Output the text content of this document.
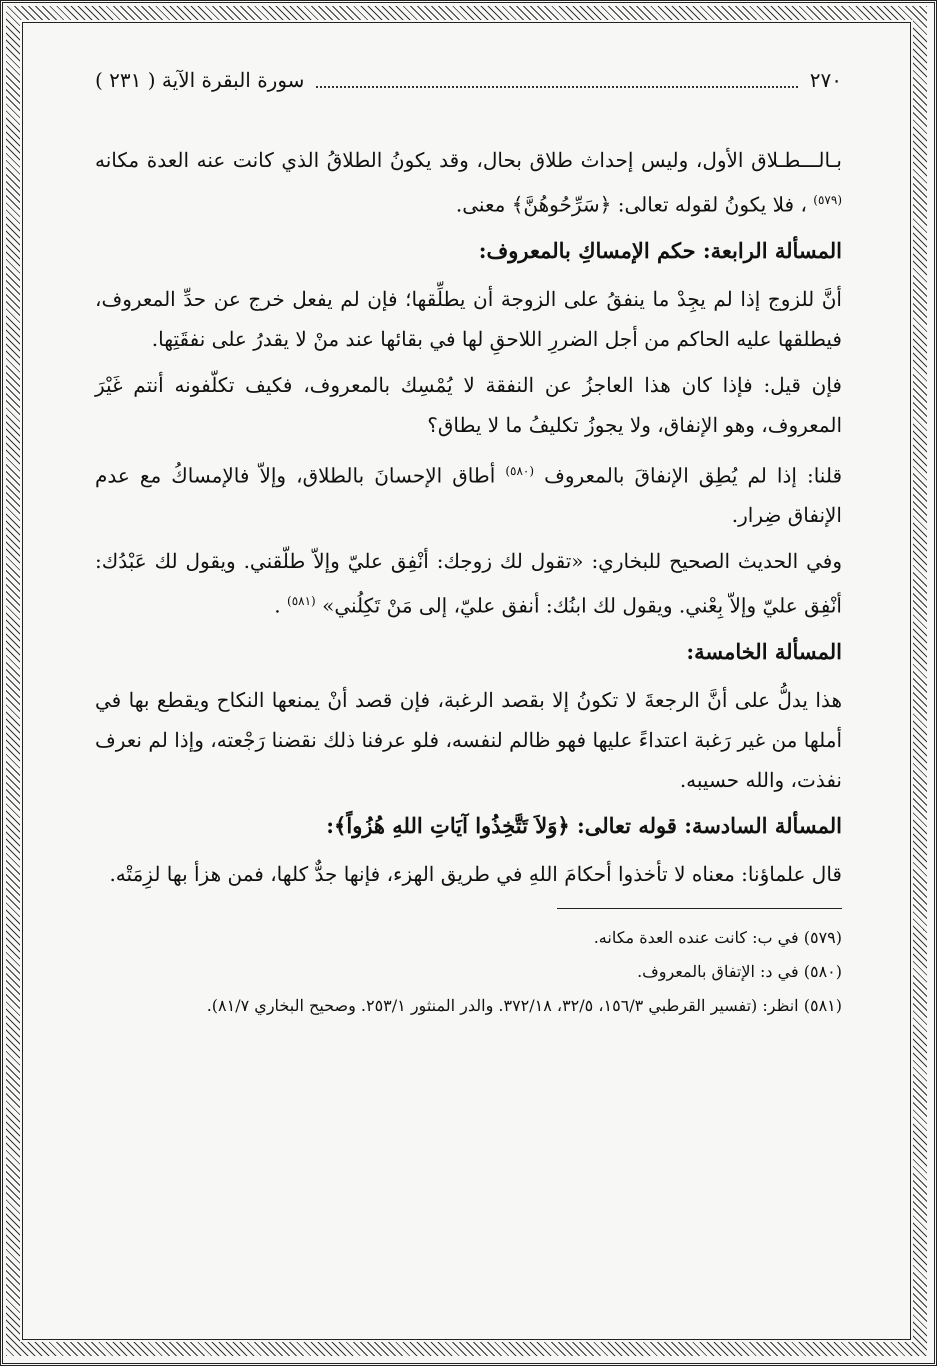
٢٧٠
سورة البقرة الآية ( ٢٣١ )

بـالـــطـلاق الأول، وليس إحداث طلاق بحال، وقد يكونُ الطلاقُ الذي كانت عنه العدة مكانه $^{(٥٧٩)}$ ، فلا يكونُ لقوله تعالى: ﴿سَرِّحُوهُنَّ﴾ معنى.

المسألة الرابعة: حكم الإمساكِ بالمعروف:

أنَّ للزوج إذا لم يجِدْ ما ينفقُ على الزوجة أن يطلِّقها؛ فإن لم يفعل خرج عن حدِّ المعروف، فيطلقها عليه الحاكم من أجل الضررِ اللاحقِ لها في بقائها عند منْ لا يقدرُ على نفقَتِها.

فإن قيل: فإذا كان هذا العاجزُ عن النفقة لا يُمْسِك بالمعروف، فكيف تكلّفونه أنتم غَيْرَ المعروف، وهو الإنفاق، ولا يجوزُ تكليفُ ما لا يطاق؟

قلنا: إذا لم يُطِق الإنفاقَ بالمعروف $^{(٥٨٠)}$ أطاق الإحسانَ بالطلاق، وإلاّ فالإمساكُ مع عدم الإنفاق ضِرار.

وفي الحديث الصحيح للبخاري: «تقول لك زوجك: أنْفِق عليّ وإلاّ طلّقني. ويقول لك عَبْدُك: أنْفِق عليّ وإلاّ بِعْني. ويقول لك ابنُك: أنفق عليّ، إلى مَنْ تَكِلُني» $^{(٥٨١)}$ .

المسألة الخامسة:

هذا يدلُّ على أنَّ الرجعةَ لا تكونُ إلا بقصد الرغبة، فإن قصد أنْ يمنعها النكاح ويقطع بها في أملها من غير رَغبة اعتداءً عليها فهو ظالم لنفسه، فلو عرفنا ذلك نقضنا رَجْعته، وإذا لم نعرف نفذت، والله حسيبه.

المسألة السادسة: قوله تعالى: ﴿وَلاَ تَتَّخِذُوا آيَاتِ اللهِ هُزُواً﴾:

قال علماؤنا: معناه لا تأخذوا أحكامَ اللهِ في طريق الهزء، فإنها جدٌّ كلها، فمن هزأ بها لزِمَتْه.

(٥٧٩) في ب: كانت عنده العدة مكانه.

(٥٨٠) في د: الإتفاق بالمعروف.

(٥٨١) انظر: (تفسير القرطبي ١٥٦/٣، ٣٢/٥، ٣٧٢/١٨. والدر المنثور ٢٥٣/١. وصحيح البخاري ٨١/٧).
